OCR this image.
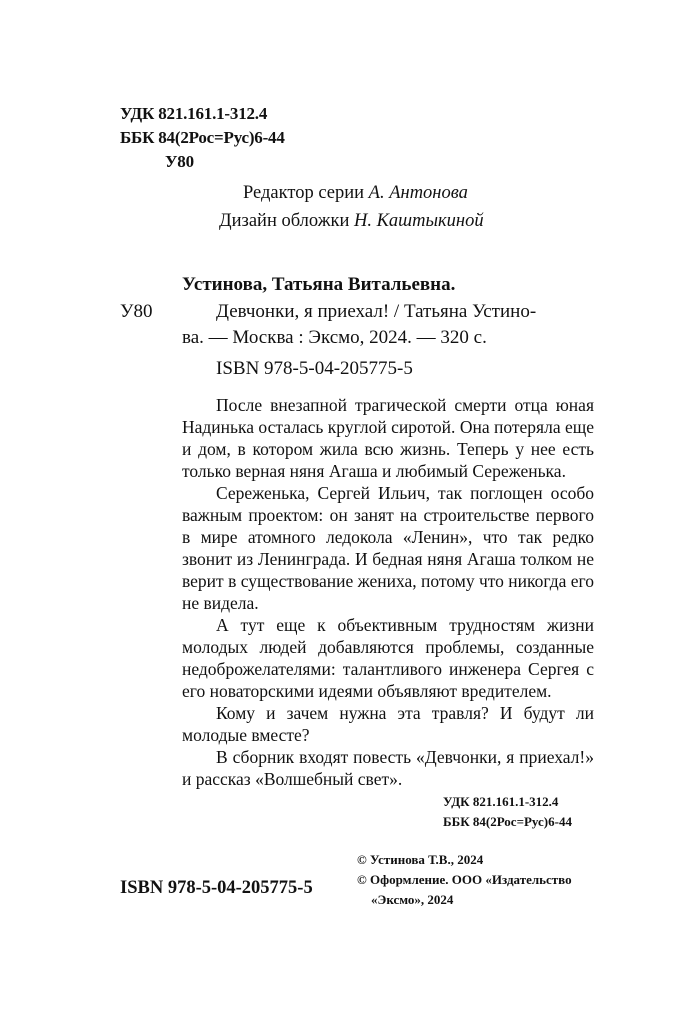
УДК 821.161.1-312.4
ББК 84(2Рос=Рус)6-44
У80
Редактор серии А. Антонова
Дизайн обложки Н. Каштыкиной
Устинова, Татьяна Витальевна.
У80	Девчонки, я приехал! / Татьяна Устино-
ва. — Москва : Эксмо, 2024. — 320 с.
ISBN 978-5-04-205775-5

После внезапной трагической смерти отца юная Надинька осталась круглой сиротой. Она потеряла еще и дом, в котором жила всю жизнь. Теперь у нее есть только верная няня Агаша и любимый Сереженька.

Сереженька, Сергей Ильич, так поглощен особо важным проектом: он занят на строительстве первого в мире атомного ледокола «Ленин», что так редко звонит из Ленинграда. И бедная няня Агаша толком не верит в существование жениха, потому что никогда его не видела.

А тут еще к объективным трудностям жизни молодых людей добавляются проблемы, созданные недоброжелателями: талантливого инженера Сергея с его новаторскими идеями объявляют вредителем.

Кому и зачем нужна эта травля? И будут ли молодые вместе?

В сборник входят повесть «Девчонки, я приехал!» и рассказ «Волшебный свет».

УДК 821.161.1-312.4
ББК 84(2Рос=Рус)6-44
© Устинова Т.В., 2024
© Оформление. ООО «Издательство
«Эксмо», 2024
ISBN 978-5-04-205775-5
